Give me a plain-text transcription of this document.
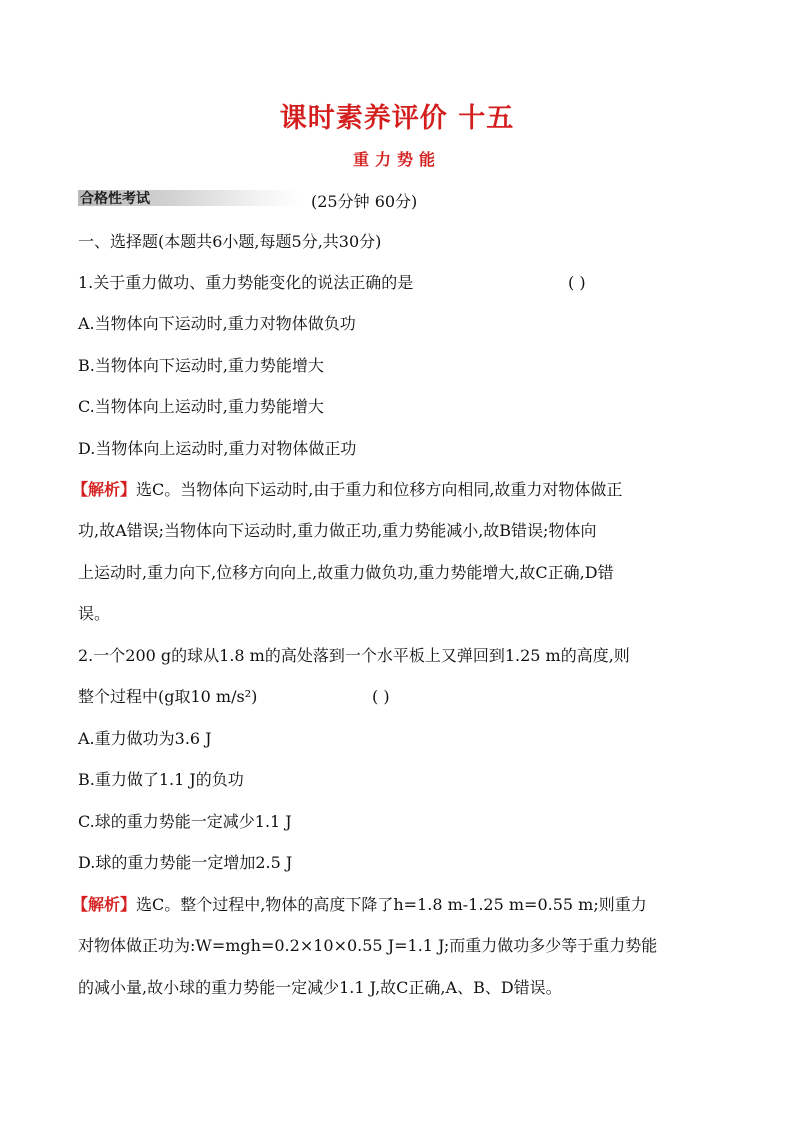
课时素养评价 十五
重力势能
合格性考试	(25分钟 60分)
一、选择题(本题共6小题,每题5分,共30分)
1.关于重力做功、重力势能变化的说法正确的是	( )
A.当物体向下运动时,重力对物体做负功
B.当物体向下运动时,重力势能增大
C.当物体向上运动时,重力势能增大
D.当物体向上运动时,重力对物体做正功
【解析】选C。当物体向下运动时,由于重力和位移方向相同,故重力对物体做正
功,故A错误;当物体向下运动时,重力做正功,重力势能减小,故B错误;物体向
上运动时,重力向下,位移方向向上,故重力做负功,重力势能增大,故C正确,D错
误。
2.一个200 g的球从1.8 m的高处落到一个水平板上又弹回到1.25 m的高度,则
整个过程中(g取10 m/s²)	( )
A.重力做功为3.6 J
B.重力做了1.1 J的负功
C.球的重力势能一定减少1.1 J
D.球的重力势能一定增加2.5 J
【解析】选C。整个过程中,物体的高度下降了h=1.8 m-1.25 m=0.55 m;则重力
对物体做正功为:W=mgh=0.2×10×0.55 J=1.1 J;而重力做功多少等于重力势能
的减小量,故小球的重力势能一定减少1.1 J,故C正确,A、B、D错误。
